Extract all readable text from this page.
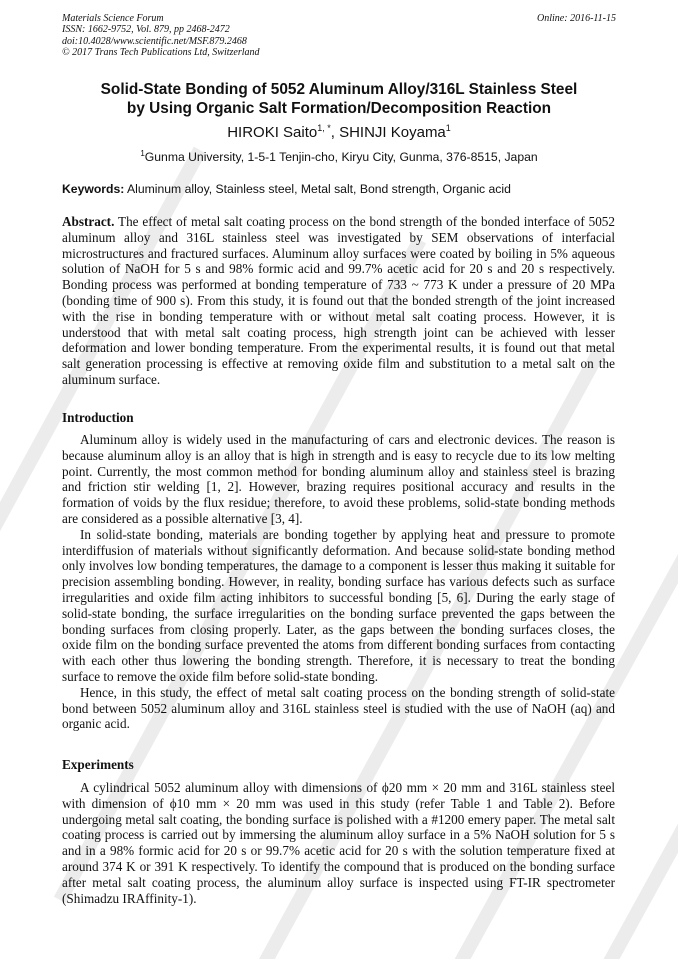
Materials Science Forum
ISSN: 1662-9752, Vol. 879, pp 2468-2472
doi:10.4028/www.scientific.net/MSF.879.2468
© 2017 Trans Tech Publications Ltd, Switzerland
Online: 2016-11-15
Solid-State Bonding of 5052 Aluminum Alloy/316L Stainless Steel
by Using Organic Salt Formation/Decomposition Reaction
HIROKI Saito$^{1, *}$, SHINJI Koyama$^1$
$^1$Gunma University, 1-5-1 Tenjin-cho, Kiryu City, Gunma, 376-8515, Japan
Keywords: Aluminum alloy, Stainless steel, Metal salt, Bond strength, Organic acid

Abstract. The effect of metal salt coating process on the bond strength of the bonded interface of 5052 aluminum alloy and 316L stainless steel was investigated by SEM observations of interfacial microstructures and fractured surfaces. Aluminum alloy surfaces were coated by boiling in 5% aqueous solution of NaOH for 5 s and 98% formic acid and 99.7% acetic acid for 20 s and 20 s respectively. Bonding process was performed at bonding temperature of 733 ~ 773 K under a pressure of 20 MPa (bonding time of 900 s). From this study, it is found out that the bonded strength of the joint increased with the rise in bonding temperature with or without metal salt coating process. However, it is understood that with metal salt coating process, high strength joint can be achieved with lesser deformation and lower bonding temperature. From the experimental results, it is found out that metal salt generation processing is effective at removing oxide film and substitution to a metal salt on the aluminum surface.

Introduction

Aluminum alloy is widely used in the manufacturing of cars and electronic devices. The reason is because aluminum alloy is an alloy that is high in strength and is easy to recycle due to its low melting point. Currently, the most common method for bonding aluminum alloy and stainless steel is brazing and friction stir welding [1, 2]. However, brazing requires positional accuracy and results in the formation of voids by the flux residue; therefore, to avoid these problems, solid-state bonding methods are considered as a possible alternative [3, 4].

In solid-state bonding, materials are bonding together by applying heat and pressure to promote interdiffusion of materials without significantly deformation. And because solid-state bonding method only involves low bonding temperatures, the damage to a component is lesser thus making it suitable for precision assembling bonding. However, in reality, bonding surface has various defects such as surface irregularities and oxide film acting inhibitors to successful bonding [5, 6]. During the early stage of solid-state bonding, the surface irregularities on the bonding surface prevented the gaps between the bonding surfaces from closing properly. Later, as the gaps between the bonding surfaces closes, the oxide film on the bonding surface prevented the atoms from different bonding surfaces from contacting with each other thus lowering the bonding strength. Therefore, it is necessary to treat the bonding surface to remove the oxide film before solid-state bonding.

Hence, in this study, the effect of metal salt coating process on the bonding strength of solid-state bond between 5052 aluminum alloy and 316L stainless steel is studied with the use of NaOH (aq) and organic acid.

Experiments

A cylindrical 5052 aluminum alloy with dimensions of ϕ20 mm × 20 mm and 316L stainless steel with dimension of ϕ10 mm × 20 mm was used in this study (refer Table 1 and Table 2). Before undergoing metal salt coating, the bonding surface is polished with a #1200 emery paper. The metal salt coating process is carried out by immersing the aluminum alloy surface in a 5% NaOH solution for 5 s and in a 98% formic acid for 20 s or 99.7% acetic acid for 20 s with the solution temperature fixed at around 374 K or 391 K respectively. To identify the compound that is produced on the bonding surface after metal salt coating process, the aluminum alloy surface is inspected using FT-IR spectrometer (Shimadzu IRAffinity-1).
